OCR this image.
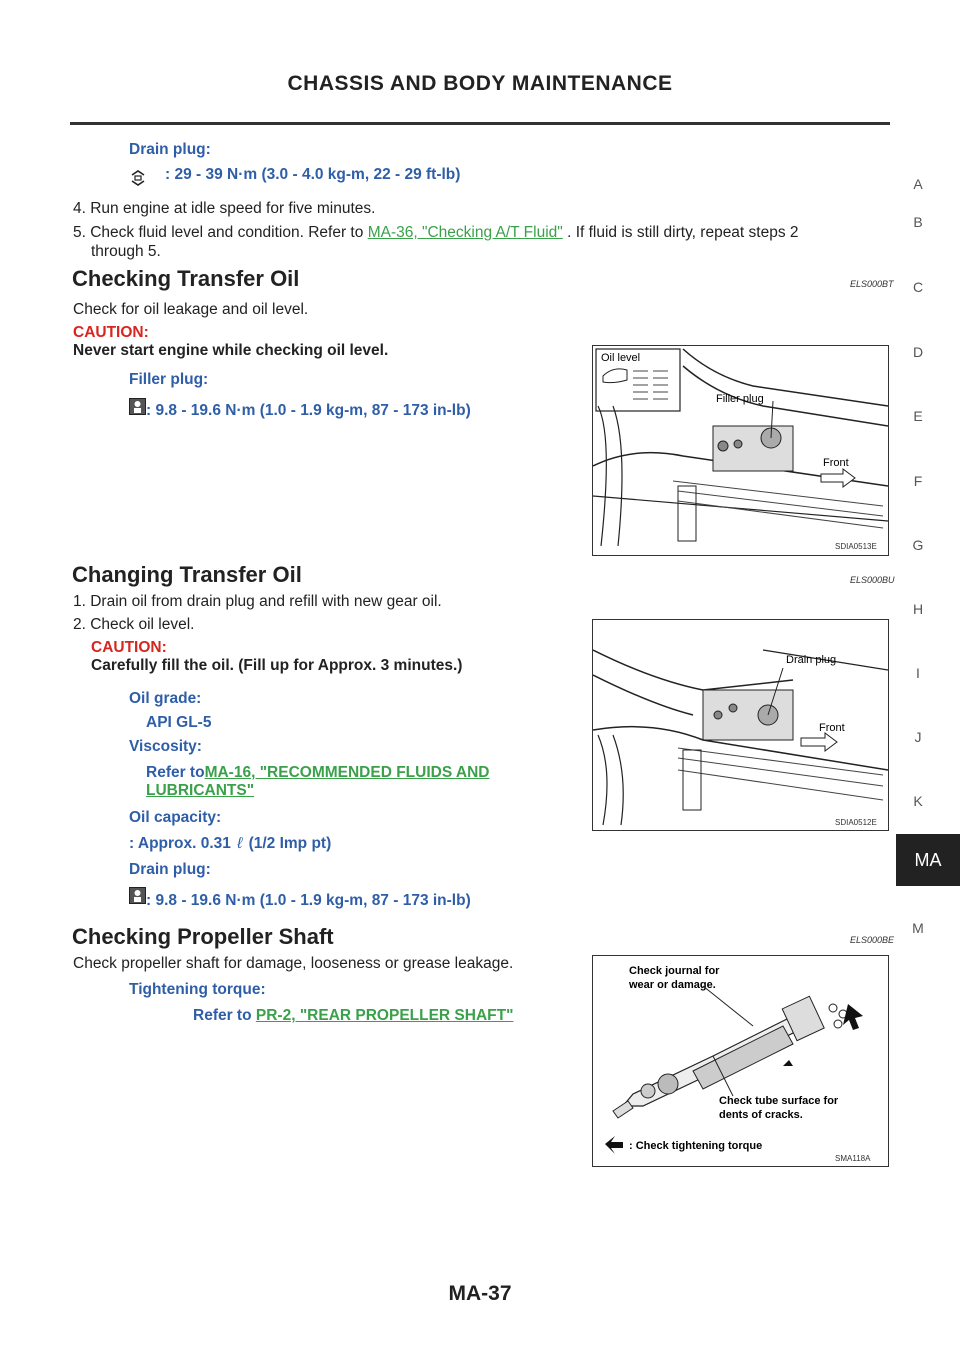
CHASSIS AND BODY MAINTENANCE
A
B
C
D
E
F
G
H
I
J
K
MA
M
Drain plug:
: 29 - 39 N·m (3.0 - 4.0 kg-m, 22 - 29 ft-lb)
4. Run engine at idle speed for five minutes.
5. Check fluid level and condition. Refer to MA-36, "Checking A/T Fluid" . If fluid is still dirty, repeat steps 2
through 5.
Checking Transfer Oil	ELS000BT
Check for oil leakage and oil level.
CAUTION:
Never start engine while checking oil level.
Filler plug:
: 9.8 - 19.6 N·m (1.0 - 1.9 kg-m, 87 - 173 in-lb)
Oil level
Filler plug
Front
SDIA0513E
Changing Transfer Oil	ELS000BU
1. Drain oil from drain plug and refill with new gear oil.
2. Check oil level.
CAUTION:
Carefully fill the oil. (Fill up for Approx. 3 minutes.)
Oil grade:
API GL-5
Viscosity:
Refer toMA-16, "RECOMMENDED FLUIDS AND
LUBRICANTS"
Oil capacity:
: Approx. 0.31 ℓ (1/2 Imp pt)
Drain plug:
: 9.8 - 19.6 N·m (1.0 - 1.9 kg-m, 87 - 173 in-lb)
Drain plug
Front
SDIA0512E
Checking Propeller Shaft	ELS000BE
Check propeller shaft for damage, looseness or grease leakage.
Tightening torque:
Refer to PR-2, "REAR PROPELLER SHAFT"
Check journal for
wear or damage.
Check tube surface for
dents of cracks.
: Check tightening torque
SMA118A
MA-37
